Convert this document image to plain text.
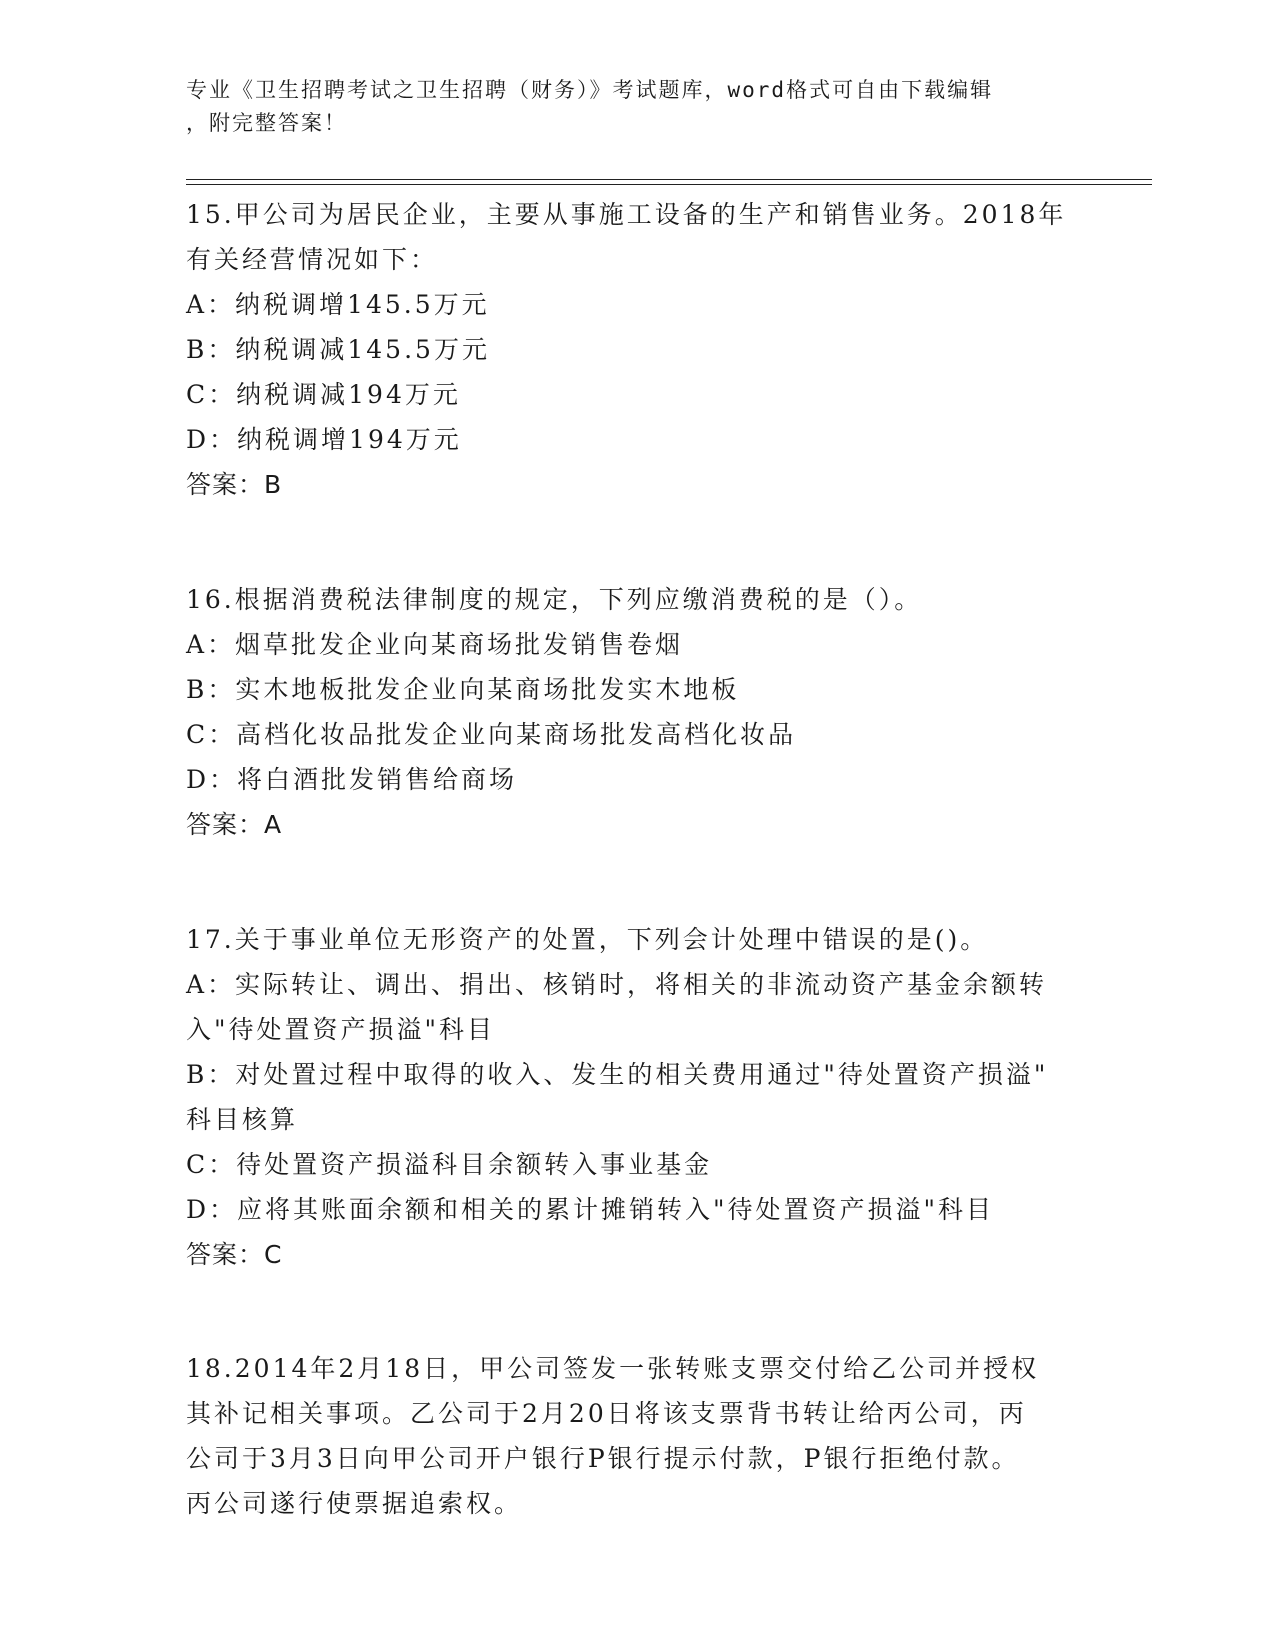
专业《卫生招聘考试之卫生招聘（财务）》考试题库，word格式可自由下载编辑
，附完整答案！
15.甲公司为居民企业，主要从事施工设备的生产和销售业务。2018年
有关经营情况如下：
A：纳税调增145.5万元
B：纳税调减145.5万元
C：纳税调减194万元
D：纳税调增194万元
答案：B
16.根据消费税法律制度的规定，下列应缴消费税的是（）。
A：烟草批发企业向某商场批发销售卷烟
B：实木地板批发企业向某商场批发实木地板
C：高档化妆品批发企业向某商场批发高档化妆品
D：将白酒批发销售给商场
答案：A
17.关于事业单位无形资产的处置，下列会计处理中错误的是()。
A：实际转让、调出、捐出、核销时，将相关的非流动资产基金余额转
入"待处置资产损溢"科目
B：对处置过程中取得的收入、发生的相关费用通过"待处置资产损溢"
科目核算
C：待处置资产损溢科目余额转入事业基金
D：应将其账面余额和相关的累计摊销转入"待处置资产损溢"科目
答案：C
18.2014年2月18日，甲公司签发一张转账支票交付给乙公司并授权
其补记相关事项。乙公司于2月20日将该支票背书转让给丙公司，丙
公司于3月3日向甲公司开户银行P银行提示付款，P银行拒绝付款。
丙公司遂行使票据追索权。
